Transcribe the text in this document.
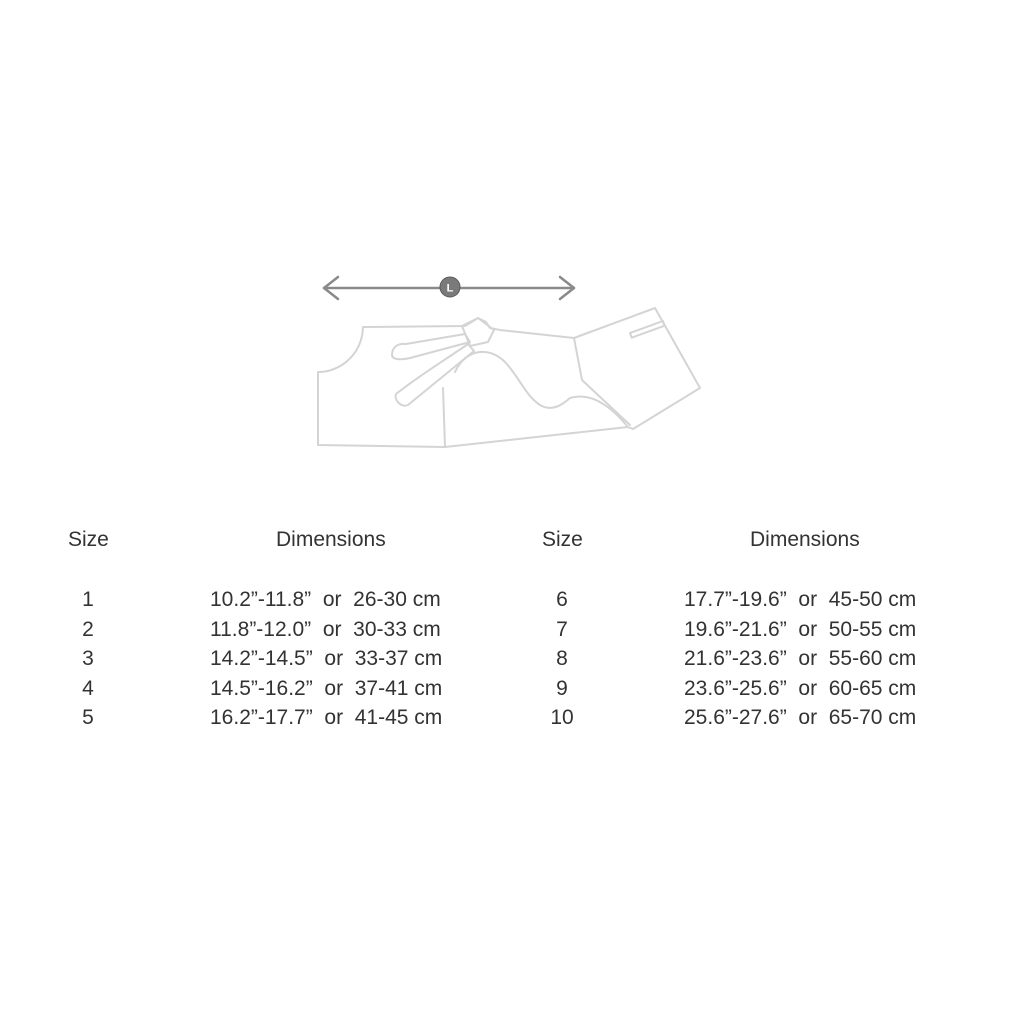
L
Size	Dimensions
1	10.2”-11.8”  or  26-30 cm
2	11.8”-12.0”  or  30-33 cm
3	14.2”-14.5”  or  33-37 cm
4	14.5”-16.2”  or  37-41 cm
5	16.2”-17.7”  or  41-45 cm
Size	Dimensions
6	17.7”-19.6”  or  45-50 cm
7	19.6”-21.6”  or  50-55 cm
8	21.6”-23.6”  or  55-60 cm
9	23.6”-25.6”  or  60-65 cm
10	25.6”-27.6”  or  65-70 cm
